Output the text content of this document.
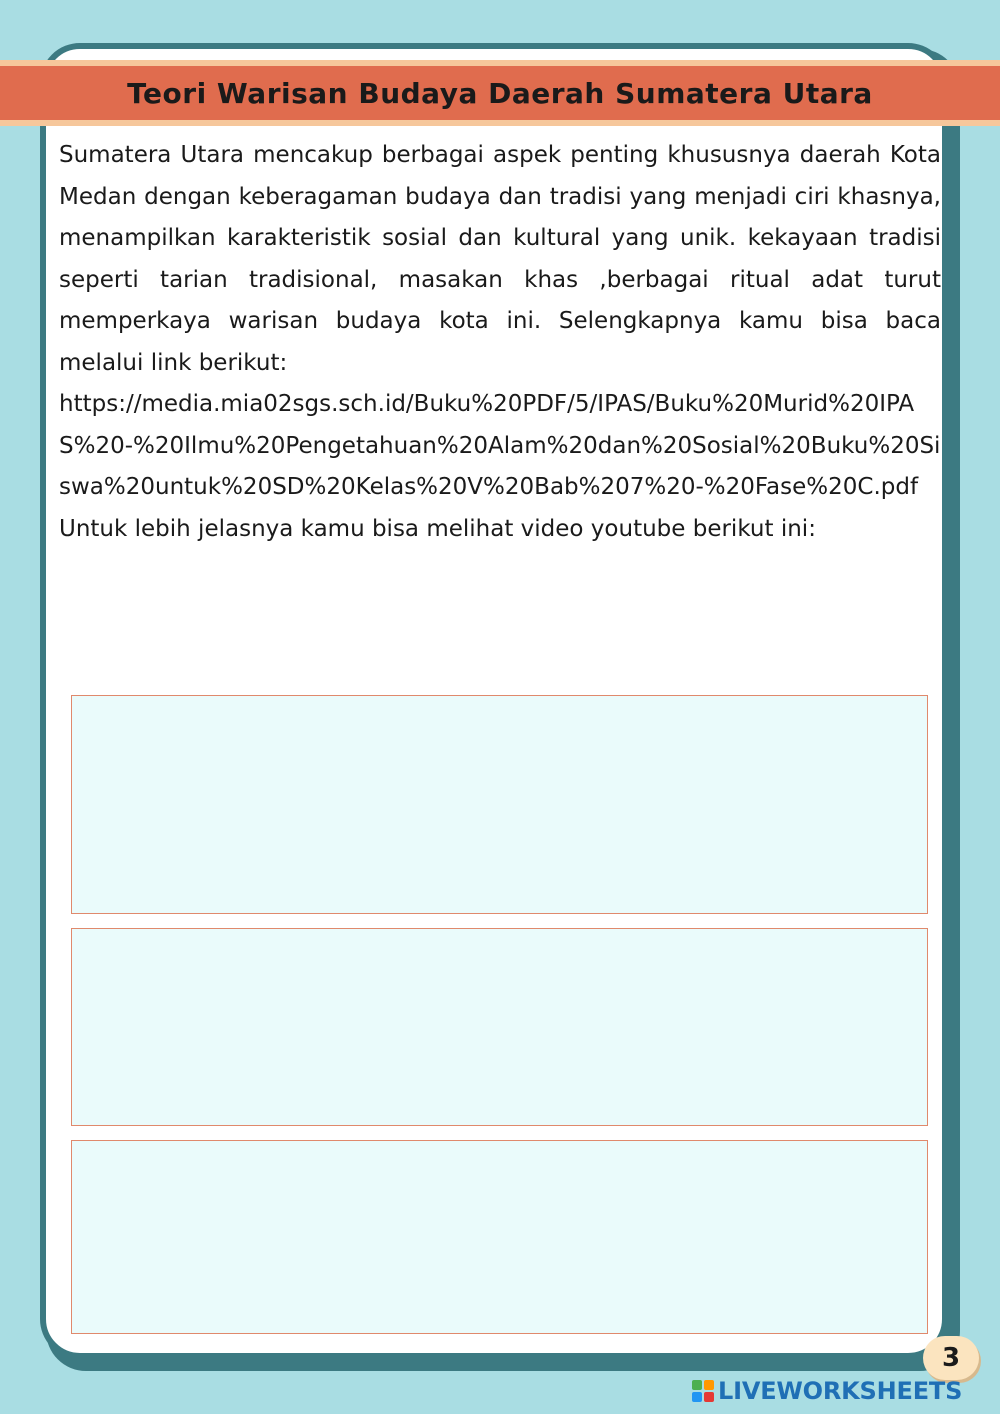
Teori Warisan Budaya Daerah Sumatera Utara

Sumatera Utara mencakup berbagai aspek penting khususnya daerah Kota Medan dengan keberagaman budaya dan tradisi yang menjadi ciri khasnya, menampilkan karakteristik sosial dan kultural yang unik. kekayaan tradisi seperti tarian tradisional, masakan khas ,berbagai ritual adat turut memperkaya warisan budaya kota ini. Selengkapnya kamu bisa baca melalui link berikut:

https://media.mia02sgs.sch.id/Buku%20PDF/5/IPAS/Buku%20Murid%20IPAS%20-%20Ilmu%20Pengetahuan%20Alam%20dan%20Sosial%20Buku%20Siswa%20untuk%20SD%20Kelas%20V%20Bab%207%20-%20Fase%20C.pdf

Untuk lebih jelasnya kamu bisa melihat video youtube berikut ini:

3
LIVEWORKSHEETS
